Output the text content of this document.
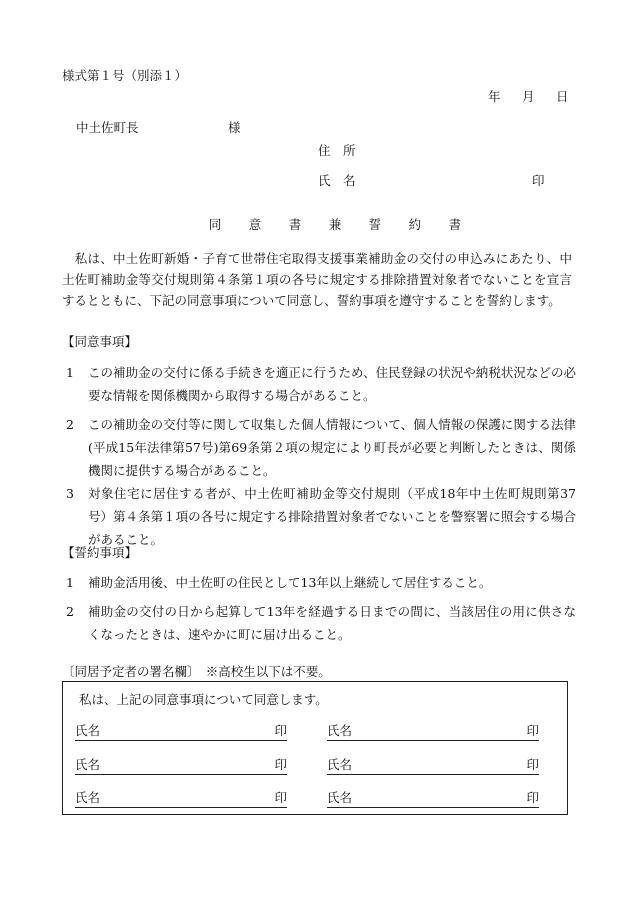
様式第１号（別添１）
年 月 日
中土佐町長	様
住　所
氏　名	印
同 意 書 兼 誓 約 書
　私は、中土佐町新婚・子育て世帯住宅取得支援事業補助金の交付の申込みにあたり、中土佐町補助金等交付規則第４条第１項の各号に規定する排除措置対象者でないことを宣言するとともに、下記の同意事項について同意し、誓約事項を遵守することを誓約します。
【同意事項】
1 この補助金の交付に係る手続きを適正に行うため、住民登録の状況や納税状況などの必要な情報を関係機関から取得する場合があること。
2 この補助金の交付等に関して収集した個人情報について、個人情報の保護に関する法律(平成15年法律第57号)第69条第２項の規定により町長が必要と判断したときは、関係機関に提供する場合があること。
3 対象住宅に居住する者が、中土佐町補助金等交付規則（平成18年中土佐町規則第37号）第４条第１項の各号に規定する排除措置対象者でないことを警察署に照会する場合があること。
【誓約事項】
1 補助金活用後、中土佐町の住民として13年以上継続して居住すること。
2 補助金の交付の日から起算して13年を経過する日までの間に、当該居住の用に供さなくなったときは、速やかに町に届け出ること。
〔同居予定者の署名欄〕　※高校生以下は不要。
私は、上記の同意事項について同意します。
氏名	印	氏名	印
氏名	印	氏名	印
氏名	印	氏名	印
